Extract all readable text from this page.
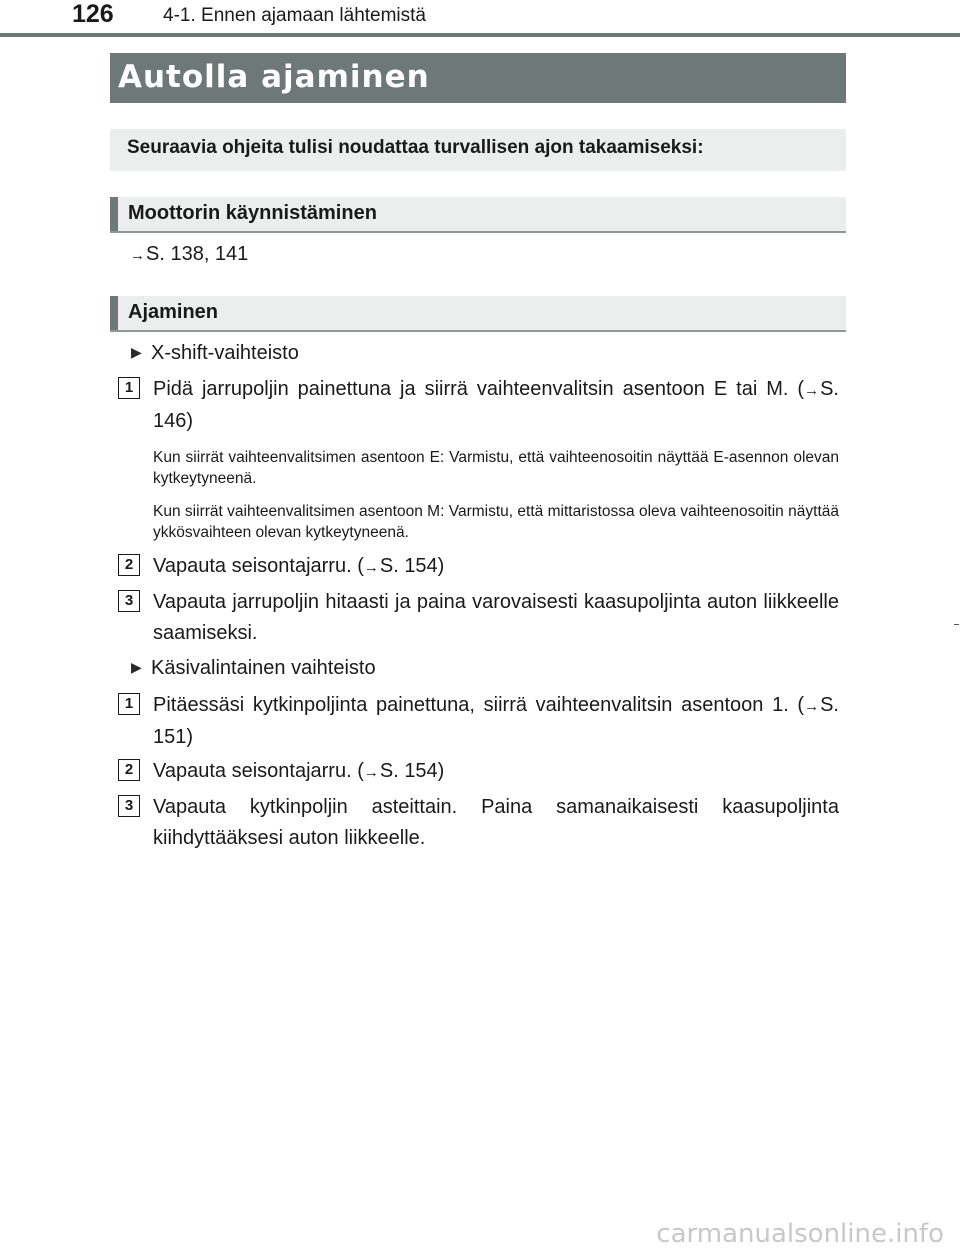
126	4-1. Ennen ajamaan lähtemistä
Autolla ajaminen
Seuraavia ohjeita tulisi noudattaa turvallisen ajon takaamiseksi:
Moottorin käynnistäminen
→S. 138, 141
Ajaminen
▶ X-shift-vaihteisto
1 Pidä jarrupoljin painettuna ja siirrä vaihteenvalitsin asentoon E tai M. (→S. 146)
Kun siirrät vaihteenvalitsimen asentoon E: Varmistu, että vaihteenosoitin näyttää E-asennon olevan kytkeytyneenä.
Kun siirrät vaihteenvalitsimen asentoon M: Varmistu, että mittaristossa oleva vaihteenosoitin näyttää ykkösvaihteen olevan kytkeytyneenä.
2 Vapauta seisontajarru. (→S. 154)
3 Vapauta jarrupoljin hitaasti ja paina varovaisesti kaasupoljinta auton liikkeelle saamiseksi.
▶ Käsivalintainen vaihteisto
1 Pitäessäsi kytkinpoljinta painettuna, siirrä vaihteenvalitsin asentoon 1. (→S. 151)
2 Vapauta seisontajarru. (→S. 154)
3 Vapauta kytkinpoljin asteittain. Paina samanaikaisesti kaasupoljinta kiihdyttääksesi auton liikkeelle.
carmanualsonline.info
